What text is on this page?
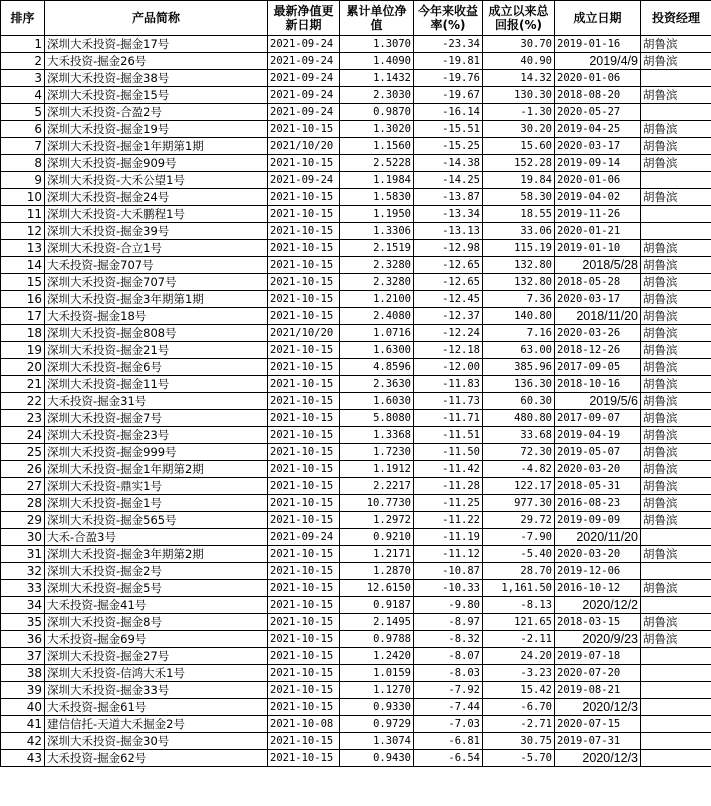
排序	产品简称	最新净值更新日期	累计单位净值	今年来收益率(%)	成立以来总回报(%)	成立日期	投资经理
1	深圳大禾投资-掘金17号	2021-09-24	1.3070	-23.34	30.70	2019-01-16	胡鲁滨
2	大禾投资-掘金26号	2021-09-24	1.4090	-19.81	40.90	2019/4/9	胡鲁滨
3	深圳大禾投资-掘金38号	2021-09-24	1.1432	-19.76	14.32	2020-01-06	
4	深圳大禾投资-掘金15号	2021-09-24	2.3030	-19.67	130.30	2018-08-20	胡鲁滨
5	深圳大禾投资-合盈2号	2021-09-24	0.9870	-16.14	-1.30	2020-05-27	
6	深圳大禾投资-掘金19号	2021-10-15	1.3020	-15.51	30.20	2019-04-25	胡鲁滨
7	深圳大禾投资-掘金1年期第1期	2021/10/20	1.1560	-15.25	15.60	2020-03-17	胡鲁滨
8	深圳大禾投资-掘金909号	2021-10-15	2.5228	-14.38	152.28	2019-09-14	胡鲁滨
9	深圳大禾投资-大禾公望1号	2021-09-24	1.1984	-14.25	19.84	2020-01-06	
10	深圳大禾投资-掘金24号	2021-10-15	1.5830	-13.87	58.30	2019-04-02	胡鲁滨
11	深圳大禾投资-大禾鹏程1号	2021-10-15	1.1950	-13.34	18.55	2019-11-26	
12	深圳大禾投资-掘金39号	2021-10-15	1.3306	-13.13	33.06	2020-01-21	
13	深圳大禾投资-合立1号	2021-10-15	2.1519	-12.98	115.19	2019-01-10	胡鲁滨
14	大禾投资-掘金707号	2021-10-15	2.3280	-12.65	132.80	2018/5/28	胡鲁滨
15	深圳大禾投资-掘金707号	2021-10-15	2.3280	-12.65	132.80	2018-05-28	胡鲁滨
16	深圳大禾投资-掘金3年期第1期	2021-10-15	1.2100	-12.45	7.36	2020-03-17	胡鲁滨
17	大禾投资-掘金18号	2021-10-15	2.4080	-12.37	140.80	2018/11/20	胡鲁滨
18	深圳大禾投资-掘金808号	2021/10/20	1.0716	-12.24	7.16	2020-03-26	胡鲁滨
19	深圳大禾投资-掘金21号	2021-10-15	1.6300	-12.18	63.00	2018-12-26	胡鲁滨
20	深圳大禾投资-掘金6号	2021-10-15	4.8596	-12.00	385.96	2017-09-05	胡鲁滨
21	深圳大禾投资-掘金11号	2021-10-15	2.3630	-11.83	136.30	2018-10-16	胡鲁滨
22	大禾投资-掘金31号	2021-10-15	1.6030	-11.73	60.30	2019/5/6	胡鲁滨
23	深圳大禾投资-掘金7号	2021-10-15	5.8080	-11.71	480.80	2017-09-07	胡鲁滨
24	深圳大禾投资-掘金23号	2021-10-15	1.3368	-11.51	33.68	2019-04-19	胡鲁滨
25	深圳大禾投资-掘金999号	2021-10-15	1.7230	-11.50	72.30	2019-05-07	胡鲁滨
26	深圳大禾投资-掘金1年期第2期	2021-10-15	1.1912	-11.42	-4.82	2020-03-20	胡鲁滨
27	深圳大禾投资-鼎实1号	2021-10-15	2.2217	-11.28	122.17	2018-05-31	胡鲁滨
28	深圳大禾投资-掘金1号	2021-10-15	10.7730	-11.25	977.30	2016-08-23	胡鲁滨
29	深圳大禾投资-掘金565号	2021-10-15	1.2972	-11.22	29.72	2019-09-09	胡鲁滨
30	大禾-合盈3号	2021-09-24	0.9210	-11.19	-7.90	2020/11/20	
31	深圳大禾投资-掘金3年期第2期	2021-10-15	1.2171	-11.12	-5.40	2020-03-20	胡鲁滨
32	深圳大禾投资-掘金2号	2021-10-15	1.2870	-10.87	28.70	2019-12-06	
33	深圳大禾投资-掘金5号	2021-10-15	12.6150	-10.33	1,161.50	2016-10-12	胡鲁滨
34	大禾投资-掘金41号	2021-10-15	0.9187	-9.80	-8.13	2020/12/2	
35	深圳大禾投资-掘金8号	2021-10-15	2.1495	-8.97	121.65	2018-03-15	胡鲁滨
36	大禾投资-掘金69号	2021-10-15	0.9788	-8.32	-2.11	2020/9/23	胡鲁滨
37	深圳大禾投资-掘金27号	2021-10-15	1.2420	-8.07	24.20	2019-07-18	
38	深圳大禾投资-信鸿大禾1号	2021-10-15	1.0159	-8.03	-3.23	2020-07-20	
39	深圳大禾投资-掘金33号	2021-10-15	1.1270	-7.92	15.42	2019-08-21	
40	大禾投资-掘金61号	2021-10-15	0.9330	-7.44	-6.70	2020/12/3	
41	建信信托-天道大禾掘金2号	2021-10-08	0.9729	-7.03	-2.71	2020-07-15	
42	深圳大禾投资-掘金30号	2021-10-15	1.3074	-6.81	30.75	2019-07-31	
43	大禾投资-掘金62号	2021-10-15	0.9430	-6.54	-5.70	2020/12/3	
